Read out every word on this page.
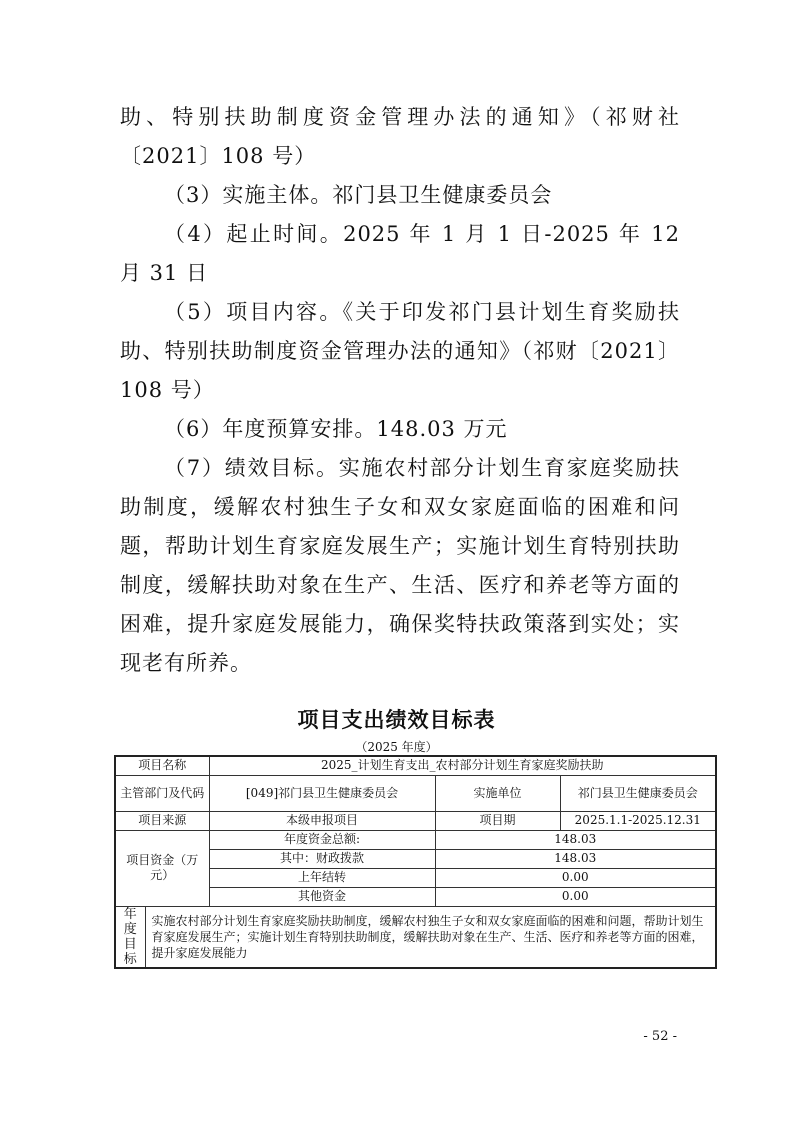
助、特别扶助制度资金管理办法的通知》（祁财社〔2021〕108 号）

（3）实施主体。祁门县卫生健康委员会

（4）起止时间。2025 年 1 月 1 日-2025 年 12 月 31 日

（5）项目内容。《关于印发祁门县计划生育奖励扶助、特别扶助制度资金管理办法的通知》（祁财〔2021〕108 号）

（6）年度预算安排。148.03 万元

（7）绩效目标。实施农村部分计划生育家庭奖励扶助制度，缓解农村独生子女和双女家庭面临的困难和问题，帮助计划生育家庭发展生产；实施计划生育特别扶助制度，缓解扶助对象在生产、生活、医疗和养老等方面的困难，提升家庭发展能力，确保奖特扶政策落到实处；实现老有所养。

项目支出绩效目标表

（2025 年度）

项目名称		2025_计划生育支出_农村部分计划生育家庭奖励扶助		
主管部门及代码		[049]祁门县卫生健康委员会	实施单位	祁门县卫生健康委员会
项目来源		本级申报项目	项目期	2025.1.1-2025.12.31
项目资金（万元）		年度资金总额:	148.03	
		其中：财政拨款	148.03	
		上年结转	0.00	
		其他资金	0.00	

年
度
目
标	实施农村部分计划生育家庭奖励扶助制度，缓解农村独生子女和双女家庭面临的困难和问题，帮助计划生育家庭发展生产；实施计划生育特别扶助制度，缓解扶助对象在生产、生活、医疗和养老等方面的困难，提升家庭发展能力			

- 52 -
